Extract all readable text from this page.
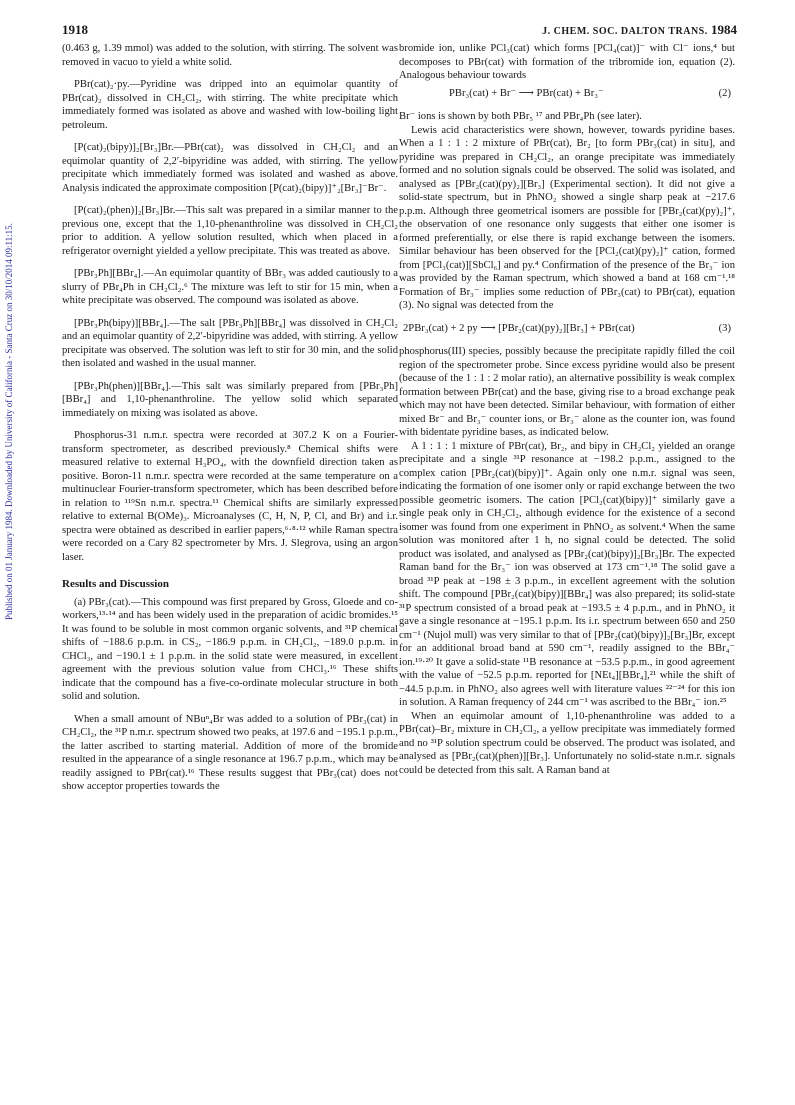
Published on 01 January 1984. Downloaded by University of California - Santa Cruz on 30/10/2014 09:11:15.
1918	J. CHEM. SOC. DALTON TRANS. 1984

(0.463 g, 1.39 mmol) was added to the solution, with stirring. The solvent was removed in vacuo to yield a white solid.

PBr(cat)₂·py.—Pyridine was dripped into an equimolar quantity of PBr(cat)₂ dissolved in CH₂Cl₂, with stirring. The white precipitate which immediately formed was isolated as above and washed with low-boiling light petroleum.

[P(cat)₂(bipy)]₂[Br₃]Br.—PBr(cat)₂ was dissolved in CH₂Cl₂ and an equimolar quantity of 2,2′-bipyridine was added, with stirring. The yellow precipitate which immediately formed was isolated and washed as above. Analysis indicated the approximate composition [P(cat)₂(bipy)]⁺₂[Br₃]⁻Br⁻.

[P(cat)₂(phen)]₂[Br₃]Br.—This salt was prepared in a similar manner to the previous one, except that the 1,10-phenanthroline was dissolved in CH₂Cl₂ prior to addition. A yellow solution resulted, which when placed in a refrigerator overnight yielded a yellow precipitate. This was treated as above.

[PBr₃Ph][BBr₄].—An equimolar quantity of BBr₃ was added cautiously to a slurry of PBr₄Ph in CH₂Cl₂.⁶ The mixture was left to stir for 15 min, when a white precipitate was observed. The compound was isolated as above.

[PBr₃Ph(bipy)][BBr₄].—The salt [PBr₃Ph][BBr₄] was dissolved in CH₂Cl₂ and an equimolar quantity of 2,2′-bipyridine was added, with stirring. A yellow precipitate was observed. The solution was left to stir for 30 min, and the solid then isolated and washed in the usual manner.

[PBr₃Ph(phen)][BBr₄].—This salt was similarly prepared from [PBr₃Ph][BBr₄] and 1,10-phenanthroline. The yellow solid which separated immediately on mixing was isolated as above.

Phosphorus-31 n.m.r. spectra were recorded at 307.2 K on a Fourier-transform spectrometer, as described previously.⁸ Chemical shifts were measured relative to external H₃PO₄, with the downfield direction taken as positive. Boron-11 n.m.r. spectra were recorded at the same temperature on a multinuclear Fourier-transform spectrometer, which has been described before in relation to ¹¹⁹Sn n.m.r. spectra.¹¹ Chemical shifts are similarly expressed relative to external B(OMe)₃. Microanalyses (C, H, N, P, Cl, and Br) and i.r. spectra were obtained as described in earlier papers,⁶·⁸·¹² while Raman spectra were recorded on a Cary 82 spectrometer by Mrs. J. Slegrova, using an argon laser.

Results and Discussion

(a) PBr₃(cat).—This compound was first prepared by Gross, Gloede and co-workers,¹³·¹⁴ and has been widely used in the preparation of acidic bromides.¹⁵ It was found to be soluble in most common organic solvents, and ³¹P chemical shifts of −188.6 p.p.m. in CS₂, −186.9 p.p.m. in CH₂Cl₂, −189.0 p.p.m. in CHCl₃, and −190.1 ± 1 p.p.m. in the solid state were measured, in excellent agreement with the previous solution value from CHCl₃.¹⁶ These shifts indicate that the compound has a five-co-ordinate molecular structure in both solid and solution.

When a small amount of NBuⁿ₄Br was added to a solution of PBr₃(cat) in CH₂Cl₂, the ³¹P n.m.r. spectrum showed two peaks, at 197.6 and −195.1 p.p.m., the latter ascribed to starting material. Addition of more of the bromide resulted in the appearance of a single resonance at 196.7 p.p.m., which may be readily assigned to PBr(cat).¹⁶ These results suggest that PBr₃(cat) does not show acceptor properties towards the

bromide ion, unlike PCl₃(cat) which forms [PCl₄(cat)]⁻ with Cl⁻ ions,⁴ but decomposes to PBr(cat) with formation of the tribromide ion, equation (2). Analogous behaviour towards

PBr₃(cat) + Br⁻ ⟶ PBr(cat) + Br₃⁻	(2)

Br⁻ ions is shown by both PBr₅ ¹⁷ and PBr₄Ph (see later).

Lewis acid characteristics were shown, however, towards pyridine bases. When a 1 : 1 : 2 mixture of PBr(cat), Br₂ [to form PBr₃(cat) in situ], and pyridine was prepared in CH₂Cl₂, an orange precipitate was immediately formed and no solution signals could be observed. The solid was isolated, and analysed as [PBr₂(cat)(py)₂][Br₃] (Experimental section). It did not give a solid-state spectrum, but in PhNO₂ showed a single sharp peak at −217.6 p.p.m. Although three geometrical isomers are possible for [PBr₂(cat)(py)₂]⁺, the observation of one resonance only suggests that either one isomer is formed preferentially, or else there is rapid exchange between the isomers. Similar behaviour has been observed for the [PCl₂(cat)(py)₂]⁺ cation, formed from [PCl₃(cat)][SbCl₆] and py.⁴ Confirmation of the presence of the Br₃⁻ ion was provided by the Raman spectrum, which showed a band at 168 cm⁻¹.¹⁸ Formation of Br₃⁻ implies some reduction of PBr₃(cat) to PBr(cat), equation (3). No signal was detected from the

2PBr₃(cat) + 2 py ⟶ [PBr₂(cat)(py)₂][Br₃] + PBr(cat)	(3)

phosphorus(III) species, possibly because the precipitate rapidly filled the coil region of the spectrometer probe. Since excess pyridine would also be present (because of the 1 : 1 : 2 molar ratio), an alternative possibility is weak complex formation between PBr(cat) and the base, giving rise to a broad exchange peak which may not have been detected. Similar behaviour, with formation of either mixed Br⁻ and Br₃⁻ counter ions, or Br₃⁻ alone as the counter ion, was found with bidentate pyridine bases, as indicated below.

A 1 : 1 : 1 mixture of PBr(cat), Br₂, and bipy in CH₂Cl₂ yielded an orange precipitate and a single ³¹P resonance at −198.2 p.p.m., assigned to the complex cation [PBr₂(cat)(bipy)]⁺. Again only one n.m.r. signal was seen, indicating the formation of one isomer only or rapid exchange between the two possible geometric isomers. The cation [PCl₂(cat)(bipy)]⁺ similarly gave a single peak only in CH₂Cl₂, although evidence for the existence of a second isomer was found from one experiment in PhNO₂ as solvent.⁴ When the same solution was monitored after 1 h, no signal could be detected. The solid product was isolated, and analysed as [PBr₂(cat)(bipy)]₂[Br₃]Br. The expected Raman band for the Br₃⁻ ion was observed at 173 cm⁻¹.¹⁸ The solid gave a broad ³¹P peak at −198 ± 3 p.p.m., in excellent agreement with the solution shift. The compound [PBr₂(cat)(bipy)][BBr₄] was also prepared; its solid-state ³¹P spectrum consisted of a broad peak at −193.5 ± 4 p.p.m., and in PhNO₂ it gave a single resonance at −195.1 p.p.m. Its i.r. spectrum between 650 and 250 cm⁻¹ (Nujol mull) was very similar to that of [PBr₂(cat)(bipy)]₂[Br₃]Br, except for an additional broad band at 590 cm⁻¹, readily assigned to the BBr₄⁻ ion.¹⁹·²⁰ It gave a solid-state ¹¹B resonance at −53.5 p.p.m., in good agreement with the value of −52.5 p.p.m. reported for [NEt₄][BBr₄],²¹ while the shift of −44.5 p.p.m. in PhNO₂ also agrees well with literature values ²²⁻²⁴ for this ion in solution. A Raman frequency of 244 cm⁻¹ was ascribed to the BBr₄⁻ ion.²⁵

When an equimolar amount of 1,10-phenanthroline was added to a PBr(cat)–Br₂ mixture in CH₂Cl₂, a yellow precipitate was immediately formed and no ³¹P solution spectrum could be observed. The product was isolated, and analysed as [PBr₂(cat)(phen)][Br₃]. Unfortunately no solid-state n.m.r. signals could be detected from this salt. A Raman band at
